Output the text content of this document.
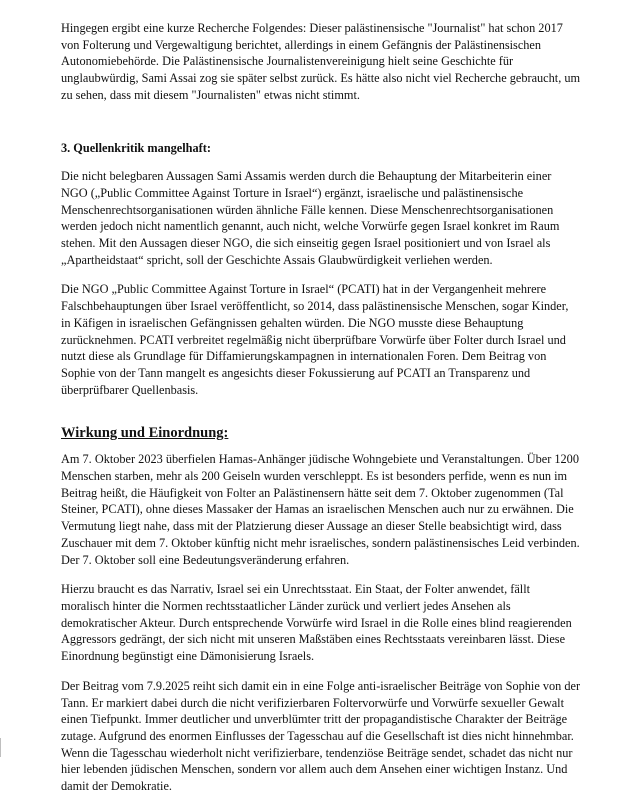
Hingegen ergibt eine kurze Recherche Folgendes: Dieser palästinensische "Journalist" hat schon 2017 von Folterung und Vergewaltigung berichtet, allerdings in einem Gefängnis der Palästinensischen Autonomiebehörde. Die Palästinensische Journalistenvereinigung hielt seine Geschichte für unglaubwürdig, Sami Assai zog sie später selbst zurück. Es hätte also nicht viel Recherche gebraucht, um zu sehen, dass mit diesem "Journalisten" etwas nicht stimmt.

3. Quellenkritik mangelhaft:

Die nicht belegbaren Aussagen Sami Assamis werden durch die Behauptung der Mitarbeiterin einer NGO („Public Committee Against Torture in Israel“) ergänzt, israelische und palästinensische Menschenrechtsorganisationen würden ähnliche Fälle kennen. Diese Menschenrechtsorganisationen werden jedoch nicht namentlich genannt, auch nicht, welche Vorwürfe gegen Israel konkret im Raum stehen. Mit den Aussagen dieser NGO, die sich einseitig gegen Israel positioniert und von Israel als „Apartheidstaat“ spricht, soll der Geschichte Assais Glaubwürdigkeit verliehen werden.

Die NGO „Public Committee Against Torture in Israel“ (PCATI) hat in der Vergangenheit mehrere Falschbehauptungen über Israel veröffentlicht, so 2014, dass palästinensische Menschen, sogar Kinder, in Käfigen in israelischen Gefängnissen gehalten würden. Die NGO musste diese Behauptung zurücknehmen. PCATI verbreitet regelmäßig nicht überprüfbare Vorwürfe über Folter durch Israel und nutzt diese als Grundlage für Diffamierungskampagnen in internationalen Foren. Dem Beitrag von Sophie von der Tann mangelt es angesichts dieser Fokussierung auf PCATI an Transparenz und überprüfbarer Quellenbasis.

Wirkung und Einordnung:

Am 7. Oktober 2023 überfielen Hamas-Anhänger jüdische Wohngebiete und Veranstaltungen. Über 1200 Menschen starben, mehr als 200 Geiseln wurden verschleppt. Es ist besonders perfide, wenn es nun im Beitrag heißt, die Häufigkeit von Folter an Palästinensern hätte seit dem 7. Oktober zugenommen (Tal Steiner, PCATI), ohne dieses Massaker der Hamas an israelischen Menschen auch nur zu erwähnen. Die Vermutung liegt nahe, dass mit der Platzierung dieser Aussage an dieser Stelle beabsichtigt wird, dass Zuschauer mit dem 7. Oktober künftig nicht mehr israelisches, sondern palästinensisches Leid verbinden. Der 7. Oktober soll eine Bedeutungsveränderung erfahren.

Hierzu braucht es das Narrativ, Israel sei ein Unrechtsstaat. Ein Staat, der Folter anwendet, fällt moralisch hinter die Normen rechtsstaatlicher Länder zurück und verliert jedes Ansehen als demokratischer Akteur. Durch entsprechende Vorwürfe wird Israel in die Rolle eines blind reagierenden Aggressors gedrängt, der sich nicht mit unseren Maßstäben eines Rechtsstaats vereinbaren lässt. Diese Einordnung begünstigt eine Dämonisierung Israels.

Der Beitrag vom 7.9.2025 reiht sich damit ein in eine Folge anti-israelischer Beiträge von Sophie von der Tann. Er markiert dabei durch die nicht verifizierbaren Foltervorwürfe und Vorwürfe sexueller Gewalt einen Tiefpunkt. Immer deutlicher und unverblümter tritt der propagandistische Charakter der Beiträge zutage. Aufgrund des enormen Einflusses der Tagesschau auf die Gesellschaft ist dies nicht hinnehmbar. Wenn die Tagesschau wiederholt nicht verifizierbare, tendenziöse Beiträge sendet, schadet das nicht nur hier lebenden jüdischen Menschen, sondern vor allem auch dem Ansehen einer wichtigen Instanz. Und damit der Demokratie.
